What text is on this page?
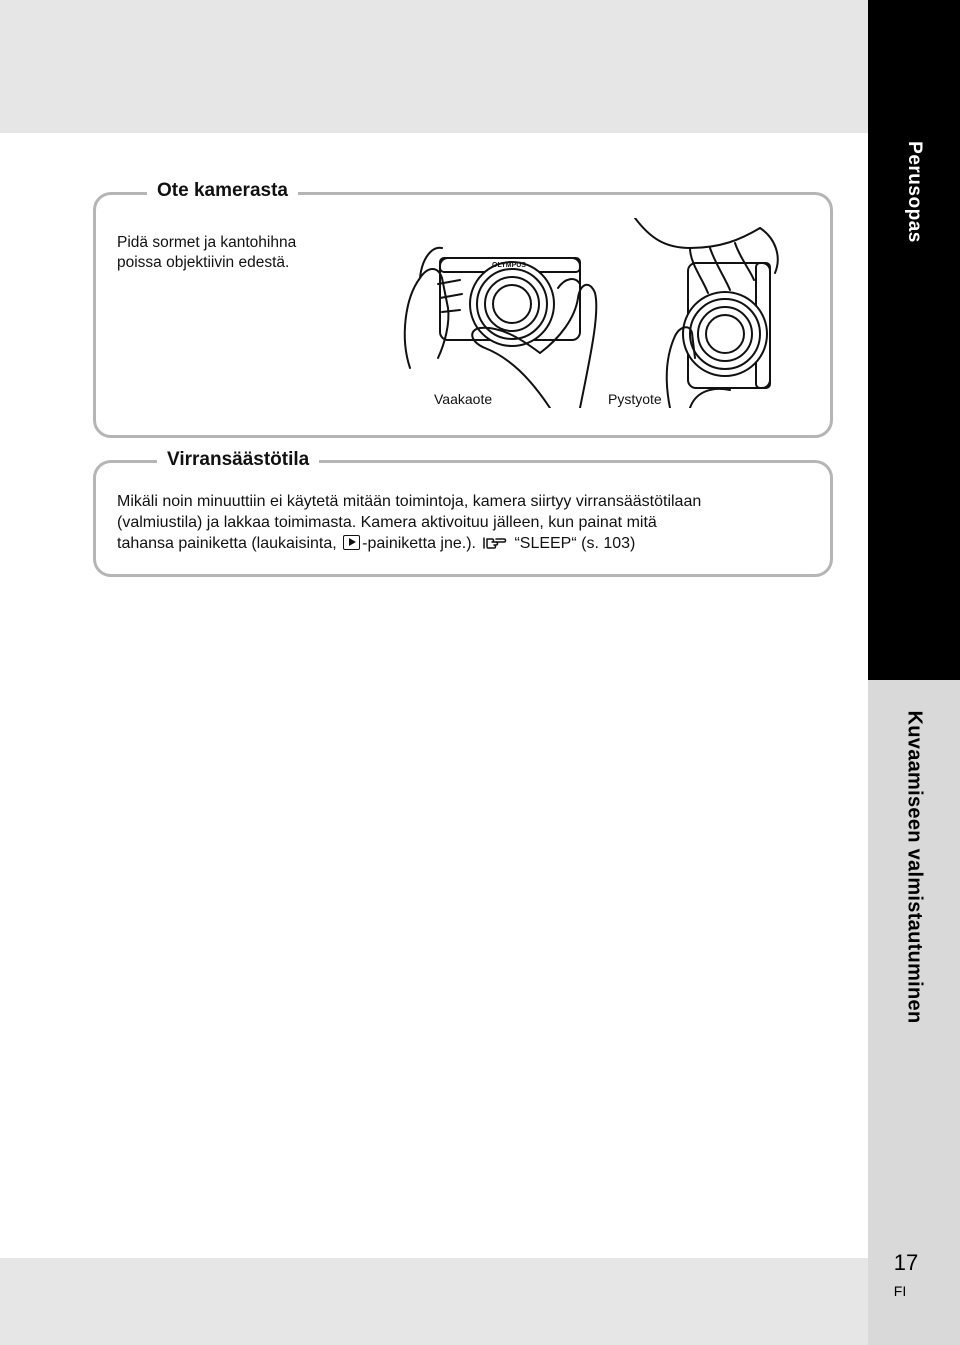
Perusopas
Kuvaamiseen valmistautuminen
17
FI
Ote kamerasta
Pidä sormet ja kantohihna
poissa objektiivin edestä.	OLYMPUS
Vaakaote	Pystyote
Virransäästötila
Mikäli noin minuuttiin ei käytetä mitään toimintoja, kamera siirtyy virransäästötilaan
(valmiustila) ja lakkaa toimimasta. Kamera aktivoituu jälleen, kun painat mitä
tahansa painiketta (laukaisinta, -painiketta jne.). “SLEEP“ (s. 103)
